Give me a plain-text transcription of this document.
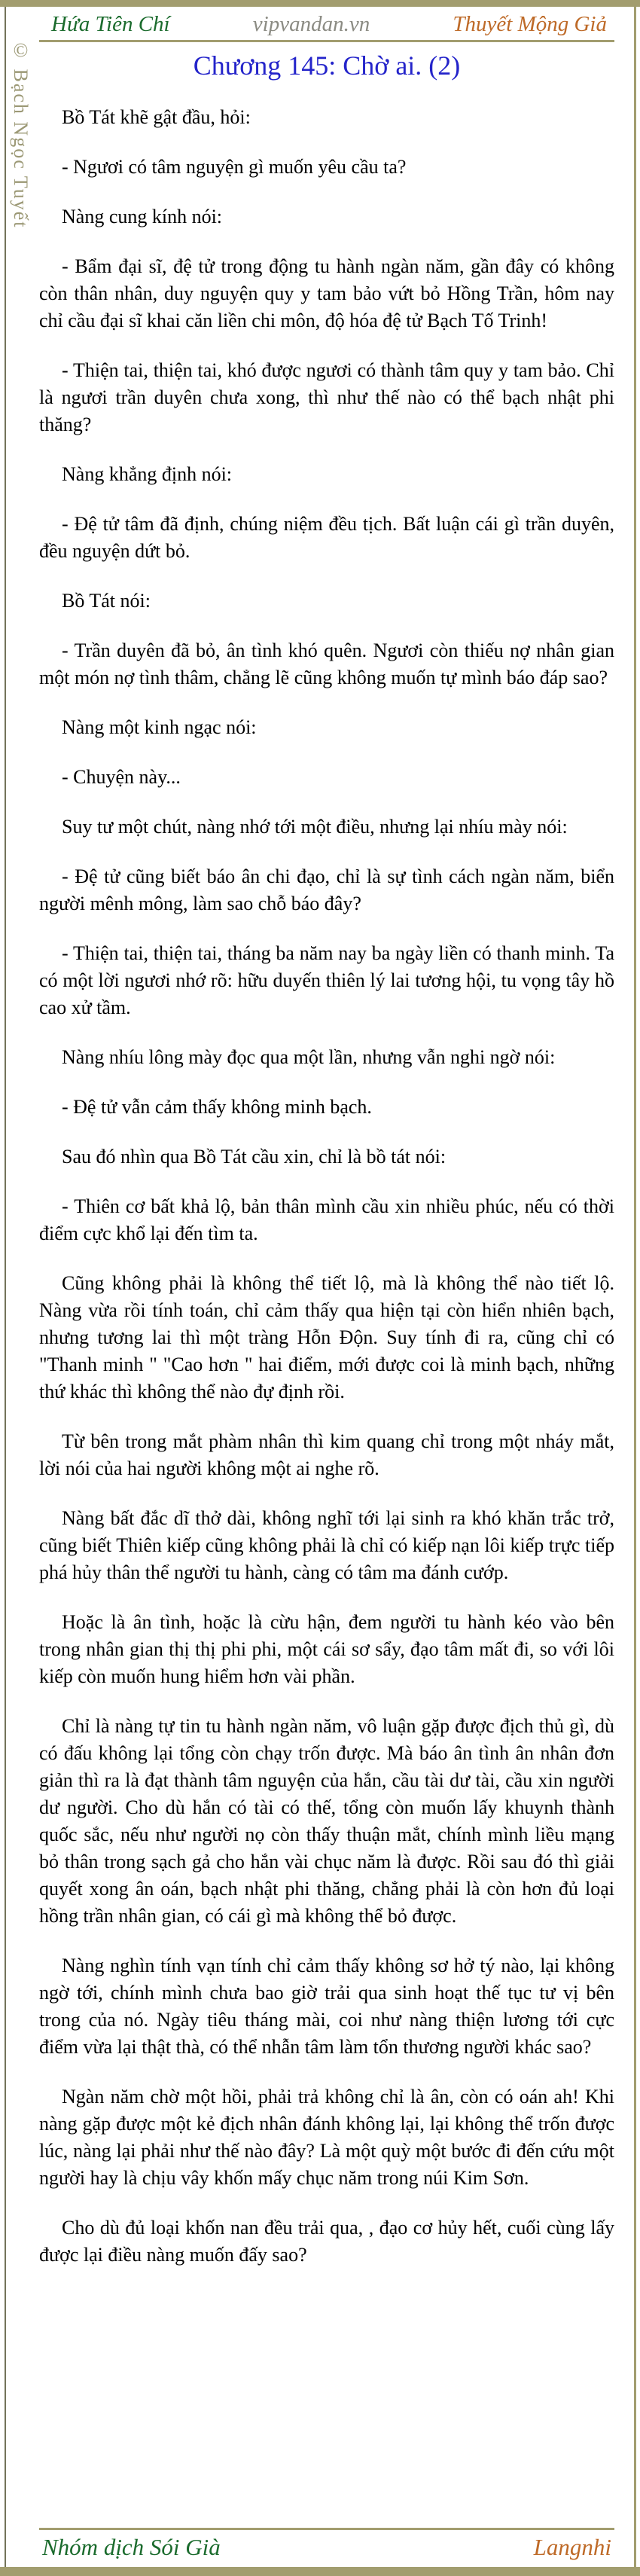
© Bạch Ngọc Tuyết
Hứa Tiên Chí	vipvandan.vn	Thuyết Mộng Giả
Chương 145: Chờ ai. (2)

Bồ Tát khẽ gật đầu, hỏi:

- Ngươi có tâm nguyện gì muốn yêu cầu ta?

Nàng cung kính nói:

- Bẩm đại sĩ, đệ tử trong động tu hành ngàn năm, gần đây có không còn thân nhân, duy nguyện quy y tam bảo vứt bỏ Hồng Trần, hôm nay chỉ cầu đại sĩ khai căn liền chi môn, độ hóa đệ tử Bạch Tố Trinh!

- Thiện tai, thiện tai, khó được ngươi có thành tâm quy y tam bảo. Chỉ là ngươi trần duyên chưa xong, thì như thế nào có thể bạch nhật phi thăng?

Nàng khẳng định nói:

- Đệ tử tâm đã định, chúng niệm đều tịch. Bất luận cái gì trần duyên, đều nguyện dứt bỏ.

Bồ Tát nói:

- Trần duyên đã bỏ, ân tình khó quên. Ngươi còn thiếu nợ nhân gian một món nợ tình thâm, chẳng lẽ cũng không muốn tự mình báo đáp sao?

Nàng một kinh ngạc nói:

- Chuyện này...

Suy tư một chút, nàng nhớ tới một điều, nhưng lại nhíu mày nói:

- Đệ tử cũng biết báo ân chi đạo, chỉ là sự tình cách ngàn năm, biển người mênh mông, làm sao chỗ báo đây?

- Thiện tai, thiện tai, tháng ba năm nay ba ngày liền có thanh minh. Ta có một lời ngươi nhớ rõ: hữu duyến thiên lý lai tương hội, tu vọng tây hồ cao xử tầm.

Nàng nhíu lông mày đọc qua một lần, nhưng vẫn nghi ngờ nói:

- Đệ tử vẫn cảm thấy không minh bạch.

Sau đó nhìn qua Bồ Tát cầu xin, chỉ là bồ tát nói:

- Thiên cơ bất khả lộ, bản thân mình cầu xin nhiều phúc, nếu có thời điểm cực khổ lại đến tìm ta.

Cũng không phải là không thể tiết lộ, mà là không thể nào tiết lộ. Nàng vừa rồi tính toán, chỉ cảm thấy qua hiện tại còn hiển nhiên bạch, nhưng tương lai thì một tràng Hỗn Độn. Suy tính đi ra, cũng chỉ có "Thanh minh " "Cao hơn " hai điểm, mới được coi là minh bạch, những thứ khác thì không thể nào đự định rồi.

Từ bên trong mắt phàm nhân thì kim quang chỉ trong một nháy mắt, lời nói của hai người không một ai nghe rõ.

Nàng bất đắc dĩ thở dài, không nghĩ tới lại sinh ra khó khăn trắc trở, cũng biết Thiên kiếp cũng không phải là chỉ có kiếp nạn lôi kiếp trực tiếp phá hủy thân thể người tu hành, càng có tâm ma đánh cướp.

Hoặc là ân tình, hoặc là cừu hận, đem người tu hành kéo vào bên trong nhân gian thị thị phi phi, một cái sơ sẩy, đạo tâm mất đi, so với lôi kiếp còn muốn hung hiểm hơn vài phần.

Chỉ là nàng tự tin tu hành ngàn năm, vô luận gặp được địch thủ gì, dù có đấu không lại tổng còn chạy trốn được. Mà báo ân tình ân nhân đơn giản thì ra là đạt thành tâm nguyện của hắn, cầu tài dư tài, cầu xin người dư người. Cho dù hắn có tài có thế, tổng còn muốn lấy khuynh thành quốc sắc, nếu như người nọ còn thấy thuận mắt, chính mình liều mạng bỏ thân trong sạch gả cho hắn vài chục năm là được. Rồi sau đó thì giải quyết xong ân oán, bạch nhật phi thăng, chẳng phải là còn hơn đủ loại hồng trần nhân gian, có cái gì mà không thể bỏ được.

Nàng nghìn tính vạn tính chỉ cảm thấy không sơ hở tý nào, lại không ngờ tới, chính mình chưa bao giờ trải qua sinh hoạt thế tục tư vị bên trong của nó. Ngày tiêu tháng mài, coi như nàng thiện lương tới cực điểm vừa lại thật thà, có thể nhẫn tâm làm tổn thương người khác sao?

Ngàn năm chờ một hồi, phải trả không chỉ là ân, còn có oán ah! Khi nàng gặp được một kẻ địch nhân đánh không lại, lại không thể trốn được lúc, nàng lại phải như thế nào đây? Là một quỳ một bước đi đến cứu một người hay là chịu vây khốn mấy chục năm trong núi Kim Sơn.

Cho dù đủ loại khốn nan đều trải qua, , đạo cơ hủy hết, cuối cùng lấy được lại điều nàng muốn đấy sao?

Nhóm dịch Sói Già	Langnhi
